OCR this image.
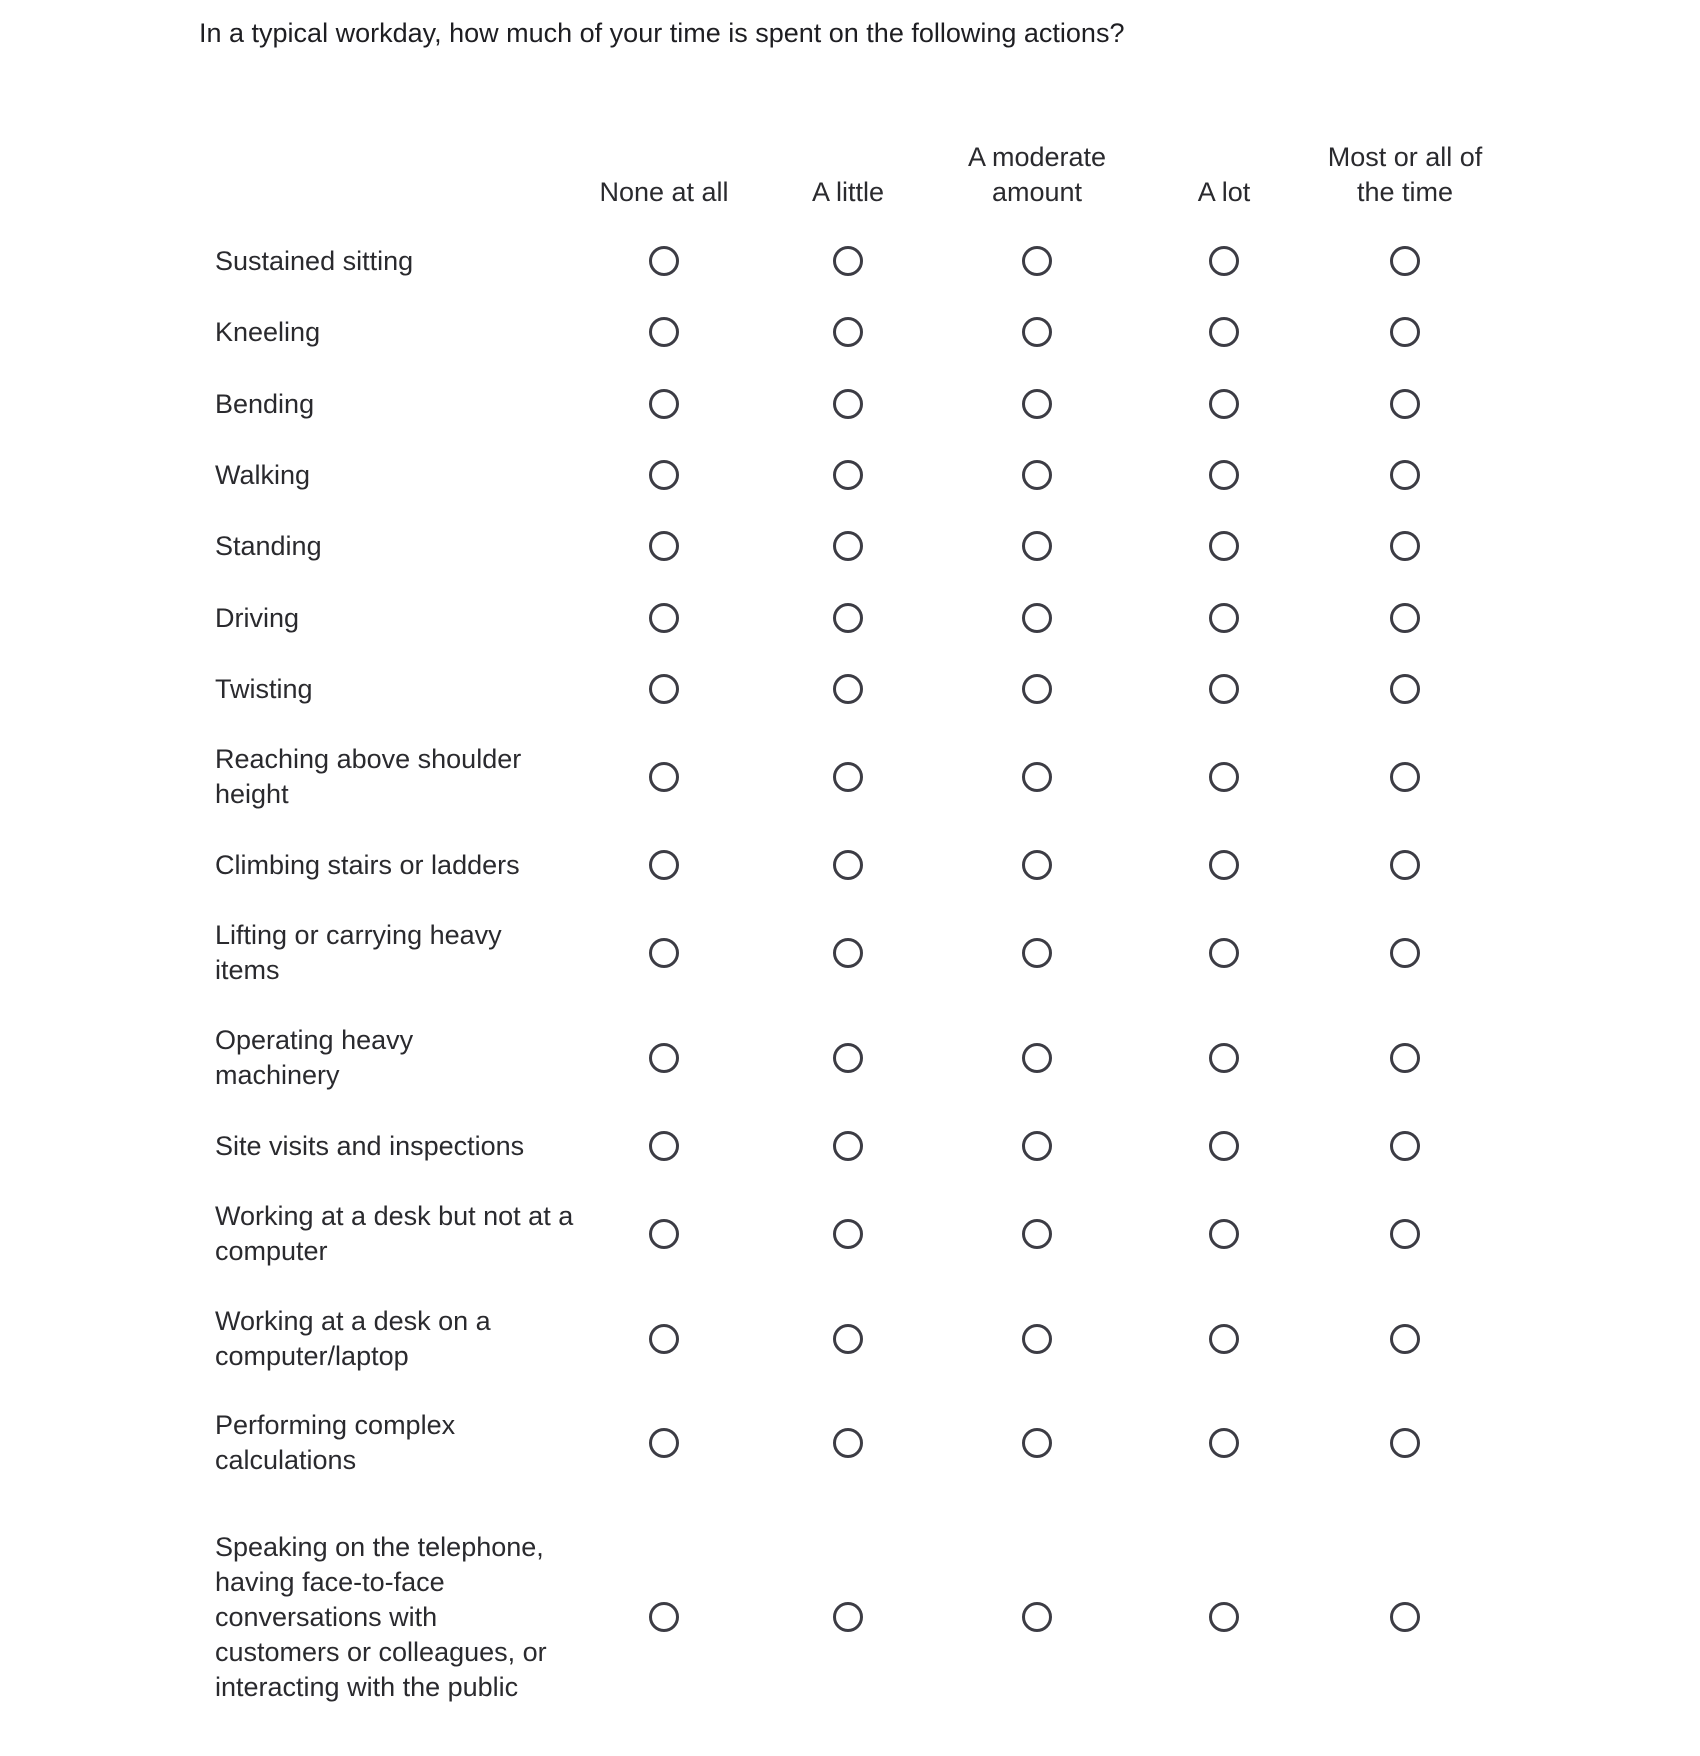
In a typical workday, how much of your time is spent on the following actions?
None at all	A little
A moderate amount	A lot
Most or all of the time
Sustained sitting
Kneeling
Bending
Walking
Standing
Driving
Twisting
Reaching above shoulder height
Climbing stairs or ladders
Lifting or carrying heavy items
Operating heavy machinery
Site visits and inspections
Working at a desk but not at a computer
Working at a desk on a computer/laptop
Performing complex calculations
Speaking on the telephone, having face-to-face conversations with customers or colleagues, or interacting with the public
